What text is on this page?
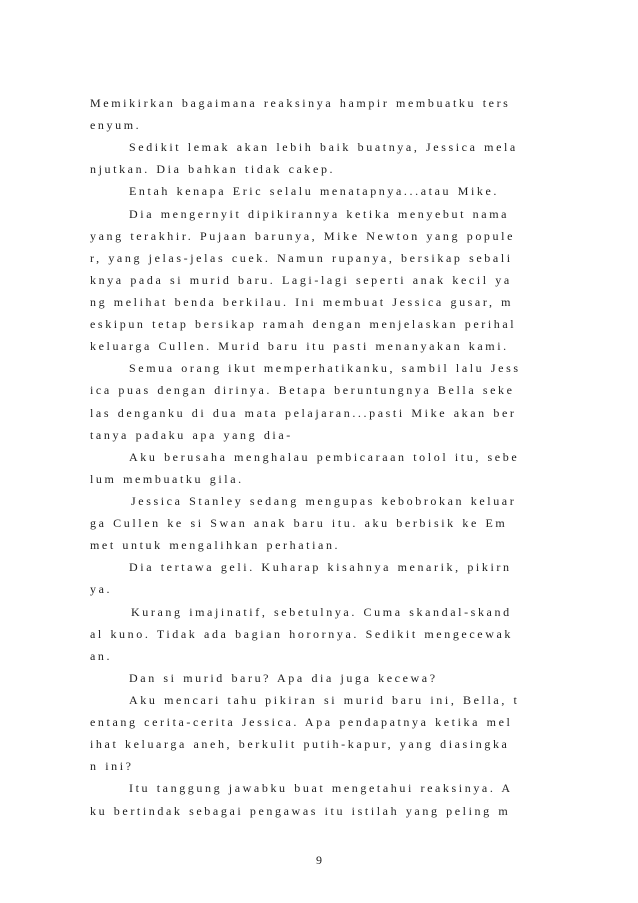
Memikirkan bagaimana reaksinya hampir membuatku ters
enyum.
Sedikit lemak akan lebih baik buatnya, Jessica mela
njutkan. Dia bahkan tidak cakep.
Entah kenapa Eric selalu menatapnya...atau Mike.
Dia mengernyit dipikirannya ketika menyebut nama
yang terakhir. Pujaan barunya, Mike Newton yang popule
r, yang jelas-jelas cuek. Namun rupanya, bersikap sebali
knya pada si murid baru. Lagi-lagi seperti anak kecil ya
ng melihat benda berkilau. Ini membuat Jessica gusar, m
eskipun tetap bersikap ramah dengan menjelaskan perihal
keluarga Cullen. Murid baru itu pasti menanyakan kami.
Semua orang ikut memperhatikanku, sambil lalu Jess
ica puas dengan dirinya. Betapa beruntungnya Bella seke
las denganku di dua mata pelajaran...pasti Mike akan ber
tanya padaku apa yang dia-
Aku berusaha menghalau pembicaraan tolol itu, sebe
lum membuatku gila.
Jessica Stanley sedang mengupas kebobrokan keluar
ga Cullen ke si Swan anak baru itu. aku berbisik ke Em
met untuk mengalihkan perhatian.
Dia tertawa geli. Kuharap kisahnya menarik, pikirn
ya.
Kurang imajinatif, sebetulnya. Cuma skandal-skand
al kuno. Tidak ada bagian horornya. Sedikit mengecewak
an.
Dan si murid baru? Apa dia juga kecewa?
Aku mencari tahu pikiran si murid baru ini, Bella, t
entang cerita-cerita Jessica. Apa pendapatnya ketika mel
ihat keluarga aneh, berkulit putih-kapur, yang diasingka
n ini?
Itu tanggung jawabku buat mengetahui reaksinya. A
ku bertindak sebagai pengawas itu istilah yang peling m
9
